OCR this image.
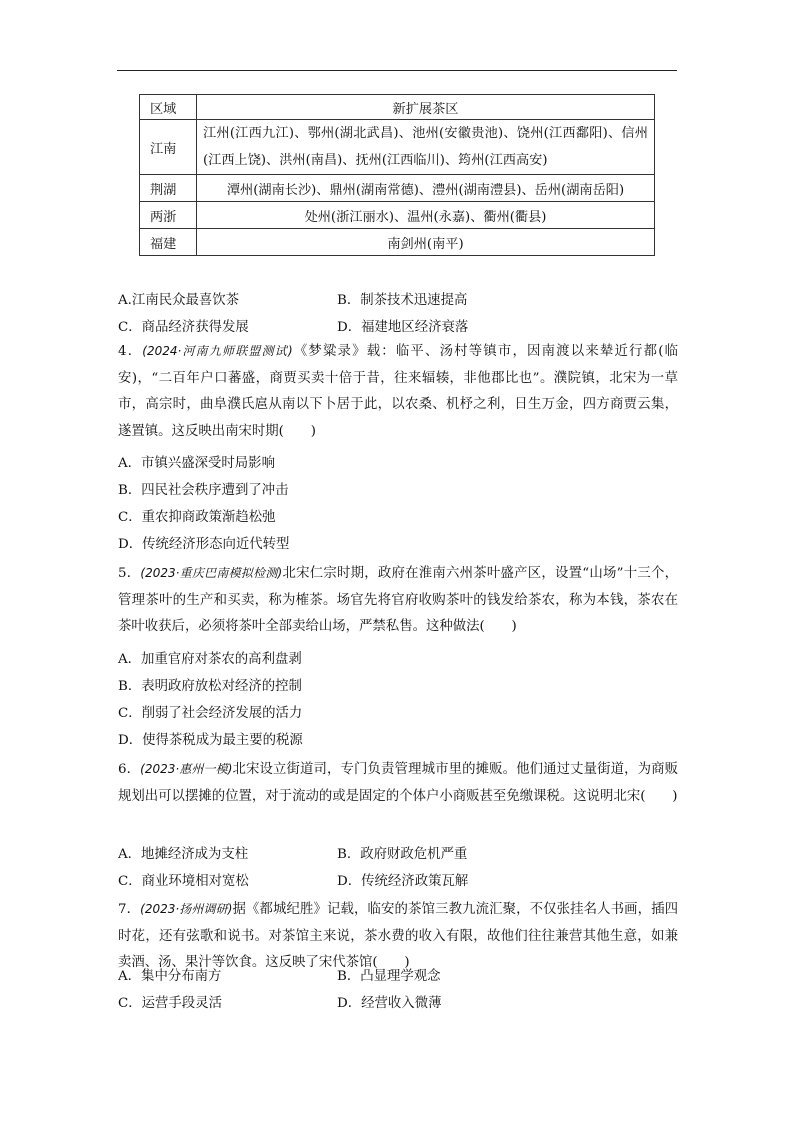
区域	新扩展茶区
江南	江州(江西九江)、鄂州(湖北武昌)、池州(安徽贵池)、饶州(江西鄱阳)、信州(江西上饶)、洪州(南昌)、抚州(江西临川)、筠州(江西高安)
荆湖	潭州(湖南长沙)、鼎州(湖南常德)、澧州(湖南澧县)、岳州(湖南岳阳)
两浙	处州(浙江丽水)、温州(永嘉)、衢州(衢县)
福建	南剑州(南平)
A.江南民众最喜饮茶	B．制茶技术迅速提高
C．商品经济获得发展	D．福建地区经济衰落
4．(2024·河南九师联盟测试)《梦粱录》载：临平、汤村等镇市，因南渡以来辇近行都(临安)，“二百年户口蕃盛，商贾买卖十倍于昔，往来辐辏，非他郡比也”。濮院镇，北宋为一草市，高宗时，曲阜濮氏扈从南以下卜居于此，以农桑、机杼之利，日生万金，四方商贾云集，遂置镇。这反映出南宋时期(　　)
A．市镇兴盛深受时局影响
B．四民社会秩序遭到了冲击
C．重农抑商政策渐趋松弛
D．传统经济形态向近代转型
5．(2023·重庆巴南模拟检测)北宋仁宗时期，政府在淮南六州茶叶盛产区，设置“山场”十三个，管理茶叶的生产和买卖，称为榷茶。场官先将官府收购茶叶的钱发给茶农，称为本钱，茶农在茶叶收获后，必须将茶叶全部卖给山场，严禁私售。这种做法(　　)
A．加重官府对茶农的高利盘剥
B．表明政府放松对经济的控制
C．削弱了社会经济发展的活力
D．使得茶税成为最主要的税源
6．(2023·惠州一模)北宋设立街道司，专门负责管理城市里的摊贩。他们通过丈量街道，为商贩规划出可以摆摊的位置，对于流动的或是固定的个体户小商贩甚至免缴课税。这说明北宋(　　)
A．地摊经济成为支柱	B．政府财政危机严重
C．商业环境相对宽松	D．传统经济政策瓦解
7．(2023·扬州调研)据《都城纪胜》记载，临安的茶馆三教九流汇聚，不仅张挂名人书画，插四时花，还有弦歌和说书。对茶馆主来说，茶水费的收入有限，故他们往往兼营其他生意，如兼卖酒、汤、果汁等饮食。这反映了宋代茶馆(　　)
A．集中分布南方	B．凸显理学观念
C．运营手段灵活	D．经营收入微薄
